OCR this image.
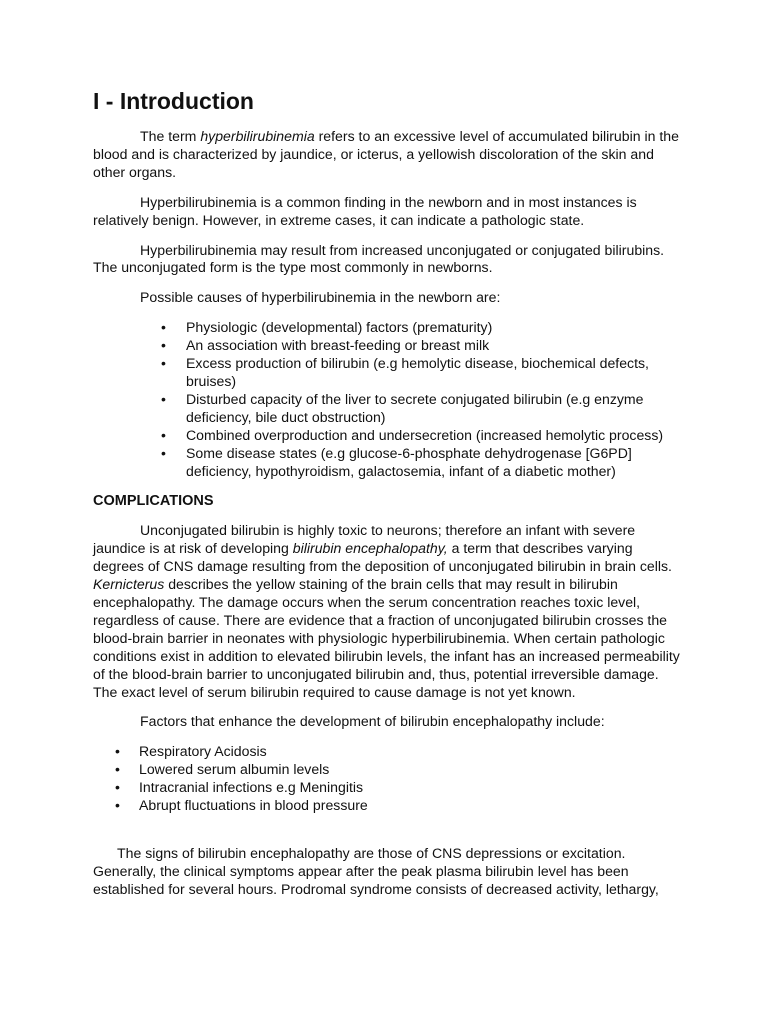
I - Introduction

The term hyperbilirubinemia refers to an excessive level of accumulated bilirubin in the blood and is characterized by jaundice, or icterus, a yellowish discoloration of the skin and other organs.

Hyperbilirubinemia is a common finding in the newborn and in most instances is relatively benign. However, in extreme cases, it can indicate a pathologic state.

Hyperbilirubinemia may result from increased unconjugated or conjugated bilirubins. The unconjugated form is the type most commonly in newborns.

Possible causes of hyperbilirubinemia in the newborn are:

• Physiologic (developmental) factors (prematurity)
• An association with breast-feeding or breast milk
• Excess production of bilirubin (e.g hemolytic disease, biochemical defects, bruises)
• Disturbed capacity of the liver to secrete conjugated bilirubin (e.g enzyme deficiency, bile duct obstruction)
• Combined overproduction and undersecretion (increased hemolytic process)
• Some disease states (e.g glucose-6-phosphate dehydrogenase [G6PD] deficiency, hypothyroidism, galactosemia, infant of a diabetic mother)
COMPLICATIONS

Unconjugated bilirubin is highly toxic to neurons; therefore an infant with severe jaundice is at risk of developing bilirubin encephalopathy, a term that describes varying degrees of CNS damage resulting from the deposition of unconjugated bilirubin in brain cells. Kernicterus describes the yellow staining of the brain cells that may result in bilirubin encephalopathy. The damage occurs when the serum concentration reaches toxic level, regardless of cause. There are evidence that a fraction of unconjugated bilirubin crosses the blood-brain barrier in neonates with physiologic hyperbilirubinemia. When certain pathologic conditions exist in addition to elevated bilirubin levels, the infant has an increased permeability of the blood-brain barrier to unconjugated bilirubin and, thus, potential irreversible damage. The exact level of serum bilirubin required to cause damage is not yet known.

Factors that enhance the development of bilirubin encephalopathy include:

• Respiratory Acidosis
• Lowered serum albumin levels
• Intracranial infections e.g Meningitis
• Abrupt fluctuations in blood pressure

The signs of bilirubin encephalopathy are those of CNS depressions or excitation. Generally, the clinical symptoms appear after the peak plasma bilirubin level has been established for several hours. Prodromal syndrome consists of decreased activity, lethargy,
